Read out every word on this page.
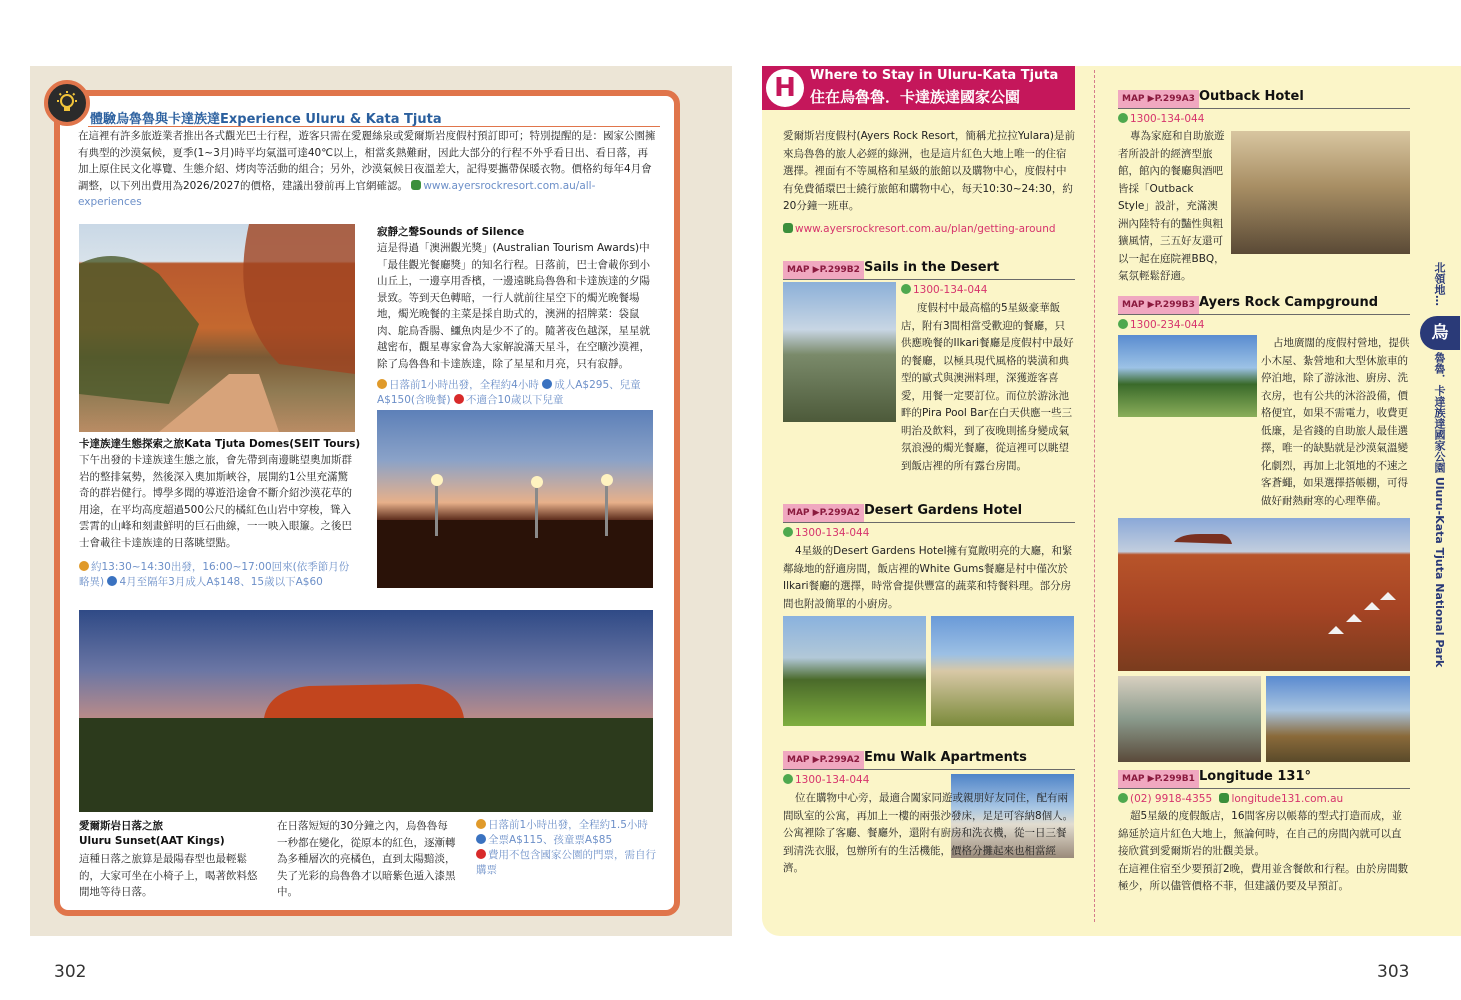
體驗烏魯魯與卡達族達Experience Uluru & Kata Tjuta
在這裡有許多旅遊業者推出各式觀光巴士行程，遊客只需在愛麗絲泉或愛爾斯岩度假村預訂即可；特別提醒的是：國家公園擁有典型的沙漠氣候，夏季(1~3月)時平均氣溫可達40℃以上，相當炙熱難耐，因此大部分的行程不外乎看日出、看日落，再加上原住民文化導覽、生態介紹、烤肉等活動的組合；另外，沙漠氣候日夜溫差大，記得要攜帶保暖衣物。價格約每年4月會調整，以下列出費用為2026/2027的價格，建議出發前再上官網確認。 www.ayersrockresort.com.au/all-experiences
卡達族達生態探索之旅Kata Tjuta Domes(SEIT Tours)
下午出發的卡達族達生態之旅，會先帶到南邊眺望奧加斯群岩的整排氣勢，然後深入奧加斯峽谷，展開約1公里充滿驚奇的群岩健行。博學多聞的導遊沿途會不斷介紹沙漠花草的用途，在平均高度超過500公尺的橘紅色山岩中穿梭，聳入雲霄的山峰和刻畫鮮明的巨石曲線，一一映入眼簾。之後巴士會載往卡達族達的日落眺望點。
約13:30~14:30出發，16:00~17:00回來(依季節月份略異) 4月至隔年3月成人A$148、15歲以下A$60
寂靜之聲Sounds of Silence
這是得過「澳洲觀光獎」(Australian Tourism Awards)中「最佳觀光餐廳獎」的知名行程。日落前，巴士會載你到小山丘上，一邊享用香檳，一邊遠眺烏魯魯和卡達族達的夕陽景致。等到天色轉暗，一行人就前往星空下的燭光晚餐場地，燭光晚餐的主菜是採自助式的，澳洲的招牌菜：袋鼠肉、鴕鳥香腸、鱷魚肉是少不了的。隨著夜色越深，星星就越密布，觀星專家會為大家解說滿天星斗，在空曠沙漠裡，除了烏魯魯和卡達族達，除了星星和月亮，只有寂靜。
日落前1小時出發，全程約4小時 成人A$295、兒童A$150(含晚餐) 不適合10歲以下兒童
愛爾斯岩日落之旅
Uluru Sunset(AAT Kings)
這種日落之旅算是最陽春型也最輕鬆的，大家可坐在小椅子上，喝著飲料悠閒地等待日落。
在日落短短的30分鐘之內，烏魯魯每一秒都在變化，從原本的紅色，逐漸轉為多種層次的亮橘色，直到太陽黯淡，失了光彩的烏魯魯才以暗紫色遁入漆黑中。
日落前1小時出發，全程約1.5小時 全票A$115、孩童票A$85
費用不包含國家公園的門票，需自行購票
302
H	Where to Stay in Uluru-Kata Tjuta
住在烏魯魯．卡達族達國家公園
愛爾斯岩度假村(Ayers Rock Resort，簡稱尤拉拉Yulara)是前來烏魯魯的旅人必經的綠洲，也是這片紅色大地上唯一的住宿選擇。裡面有不等風格和星級的旅館以及購物中心，度假村中有免費循環巴士繞行旅館和購物中心，每天10:30~24:30，約20分鐘一班車。
www.ayersrockresort.com.au/plan/getting-around
MAP ▶P.299B2 Sails in the Desert
1300-134-044
度假村中最高檔的5星級豪華飯店，附有3間相當受歡迎的餐廳，只供應晚餐的Ilkari餐廳是度假村中最好的餐廳，以極具現代風格的裝潢和典型的歐式與澳洲料理，深獲遊客喜愛，用餐一定要訂位。而位於游泳池畔的Pira Pool Bar在白天供應一些三明治及飲料，到了夜晚則搖身變成氣氛浪漫的燭光餐廳，從這裡可以眺望到飯店裡的所有露台房間。
MAP ▶P.299A2 Desert Gardens Hotel
1300-134-044
4星級的Desert Gardens Hotel擁有寬敞明亮的大廳，和緊鄰綠地的舒適房間，飯店裡的White Gums餐廳是村中僅次於Ilkari餐廳的選擇，時常會提供豐富的蔬菜和特餐料理。部分房間也附設簡單的小廚房。
MAP ▶P.299A2 Emu Walk Apartments
1300-134-044
位在購物中心旁，最適合闔家同遊或親朋好友同住，配有兩間臥室的公寓，再加上一樓的兩張沙發床，足足可容納8個人。公寓裡除了客廳、餐廳外，還附有廚房和洗衣機，從一日三餐到清洗衣服，包辦所有的生活機能，價格分攤起來也相當經濟。
MAP ▶P.299A3 Outback Hotel
1300-134-044
專為家庭和自助旅遊者所設計的經濟型旅館，館內的餐廳與酒吧皆採「Outback Style」設計，充滿澳洲內陸特有的豔性與粗獷風情，三五好友還可以一起在庭院裡BBQ，氣氛輕鬆舒適。
MAP ▶P.299B3 Ayers Rock Campground
1300-234-044
占地廣闊的度假村營地，提供小木屋、紮營地和大型休旅車的停泊地，除了游泳池、廚房、洗衣房，也有公共的沐浴設備，價格便宜，如果不需電力，收費更低廉，是省錢的自助旅人最佳選擇，唯一的缺點就是沙漠氣溫變化劇烈，再加上北領地的不速之客蒼蠅，如果選擇搭帳棚，可得做好耐熱耐寒的心理準備。
MAP ▶P.299B1 Longitude 131°
(02) 9918-4355 longitude131.com.au
超5星級的度假飯店，16間客房以帳幕的型式打造而成，並綿延於這片紅色大地上，無論何時，在自己的房間內就可以直接欣賞到愛爾斯岩的壯觀美景。
在這裡住宿至少要預訂2晚，費用並含餐飲和行程。由於房間數極少，所以儘管價格不菲，但建議仍要及早預訂。
北領地…
烏
魯魯．卡達族達國家公園 Uluru-Kata Tjuta National Park
303
